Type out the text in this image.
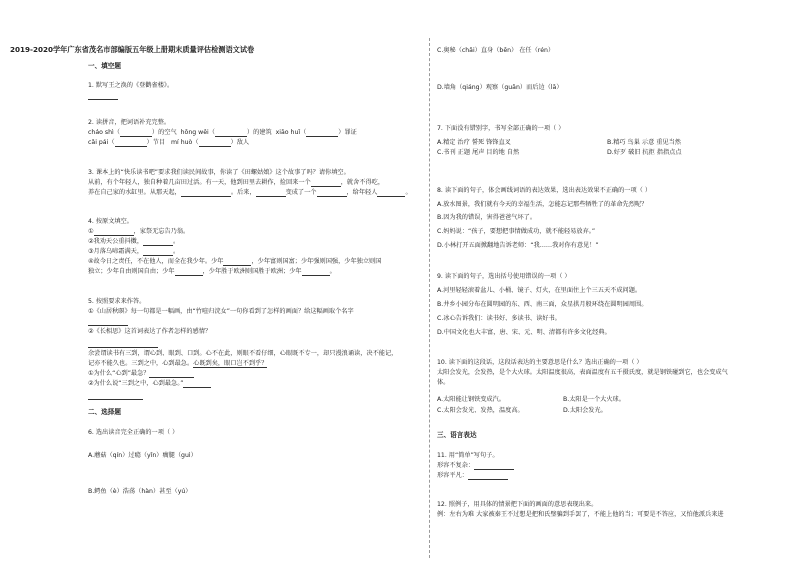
2019-2020学年广东省茂名市部编版五年级上册期末质量评估检测语文试卷
一、填空题
1. 默写王之涣的《登鹳雀楼》。
2. 读拼音，把词语补充完整。
cháo shì（	）的空气 hōng wěi（	）的建筑 xiāo huǐ（	）罪证
cǎi pái（	）节目 mí huò（	）敌人
3. 课本上的“快乐读书吧”要求我们读民间故事，你读了《田螺姑娘》这个故事了吗？请你填空。
从前，有个年轻人，独自种着几亩田过活。有一天，他到田里去耕作，捡回来一个	，就舍不得吃，
养在自己家的水缸里。从那天起，	。后来，	变成了一个	，给年轻人	。
4. 按原文填空。
①	，家祭无忘告乃翁。
②我劝天公重抖擞，	。
③月落乌啼霜满天，	。
④故今日之责任，不在他人，而全在我少年。少年	，少年富则国富；少年强则国强，少年独立则国
独立；少年自由则国自由；少年	，少年胜于欧洲则国胜于欧洲；少年	。
5. 按照要求来作答。
①《山居秋暝》每一句都是一幅画，由“竹喧归浣女”一句你看到了怎样的画面？给这幅画取个名字
②《长相思》这首词表达了作者怎样的感情？
余尝谓读书有三到，谓心到、眼到、口到。心不在此，则眼不看仔细，心眼既不专一，却只漫浪诵读，决不能记，
记亦不能久也。三到之中，心到最急。心既到矣，眼口岂不到乎？
①为什么“心到”最急？
②为什么说“三到之中，心到最急。”
二、选择题
6. 选出读音完全正确的一项（ ）
A.蘑菇（qín）过瘾（yǐn）瘸腿（guì）
B.鳄鱼（è）浩荡（hàn）甚至（yú）
C.奥秘（chǎi）直身（bēn） 在任（rén）
D.墙角（qiáng）观察（guān）而后边（lā）
7. 下面没有错别字，书写全部正确的一项（ ）
A.精定 治疗 誓死 锋锋直叉	B.精巧 鸟巢 示意 重见当然
C.书刊 正题 尾声 目的地 自然	D.好歹 破旧 抗拒 指指点点
8. 读下面的句子，体会画线词语的表达效果，选出表达效果不正确的一项（ ）
A.放水图景，我们就有今天的幸福生活，怎能忘记那些牺牲了的革命先烈呢？
B.因为我的错误，害得爸爸气坏了。
C.妈妈说：“孩子，要想把事情做成功，就不能轻易放弃。”
D.小林打开五面掀翻地告诉老师：“我……我对你有意见！”
9. 读下面的句子，选出括号使用错误的一项（ ）
A.河里轻轻滚着盆儿、小桶、镜子、灯火，在里面住上个三五天不成问题。
B.井乡小园分布在圆明园的东、西、南三面，众星拱月般环绕在圆明园周围。
C.冰心告诉我们：读书好、多读书、读好书。
D.中国文化也大丰富，唐、宋、元、明、清都有许多文化经典。
10. 读下面的这段话，这段话表达的主要意思是什么？选出正确的一项（ ）
太阳会发光，会发热，是个大火球。太阳温度很高，表面温度有五千摄氏度，就是钢铁碰到它，也会变成气
体。
A.太阳能让钢铁变成汽。	B.太阳是一个大火球。
C.太阳会发光、发热，温度高。	D.太阳会发光。
三、语言表达
11. 用“简单”写句子。
形容不复杂：
形容平凡：
12. 照例子，用具体的情景把下面的画面的意思表现出来。
例：左右为难 大家被秦王不过想是把和氏璧骗到手罢了，不能上他的当；可要是不答应，又怕他派兵来进
